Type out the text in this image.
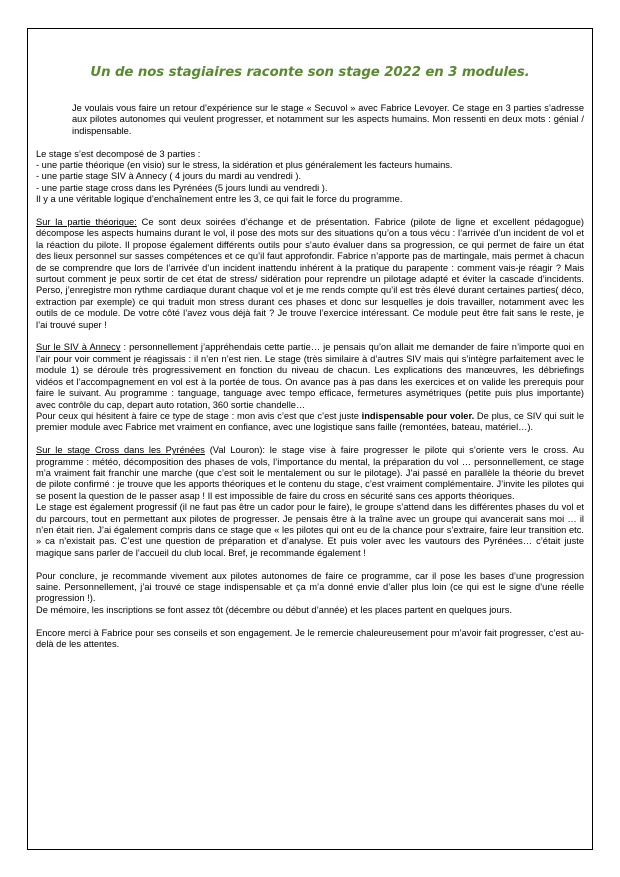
Un de nos stagiaires raconte son stage 2022 en 3 modules.

Je voulais vous faire un retour d’expérience sur le stage « Secuvol » avec Fabrice Levoyer. Ce stage en 3 parties s’adresse aux pilotes autonomes qui veulent progresser, et notamment sur les aspects humains. Mon ressenti en deux mots : génial / indispensable.

Le stage s’est decomposé de 3 parties :

- une partie théorique (en visio) sur le stress, la sidération et plus généralement les facteurs humains.

- une partie stage SIV à Annecy ( 4 jours du mardi au vendredi ).

- une partie stage cross dans les Pyrénées (5 jours lundi au vendredi ).

Il y a une véritable logique d’enchaînement entre les 3, ce qui fait le force du programme.

Sur la partie théorique: Ce sont deux soirées d’échange et de présentation. Fabrice (pilote de ligne et excellent pédagogue) décompose les aspects humains durant le vol, il pose des mots sur des situations qu’on a tous vécu : l’arrivée d’un incident de vol et la réaction du pilote. Il propose également différents outils pour s’auto évaluer dans sa progression, ce qui permet de faire un état des lieux personnel sur sasses compétences et ce qu’il faut approfondir. Fabrice n’apporte pas de martingale, mais permet à chacun de se comprendre que lors de l’arrivée d’un incident inattendu inhérent à la pratique du parapente : comment vais-je réagir ? Mais surtout comment je peux sortir de cet état de stress/ sidération pour reprendre un pilotage adapté et éviter la cascade d’incidents. Perso, j’enregistre mon rythme cardiaque durant chaque vol et je me rends compte qu’il est très élevé durant certaines parties( déco, extraction par exemple) ce qui traduit mon stress durant ces phases et donc sur lesquelles je dois travailler, notamment avec les outils de ce module. De votre côté l’avez vous déjà fait ? Je trouve l’exercice intéressant. Ce module peut être fait sans le reste, je l’ai trouvé super !

Sur le SIV à Annecy : personnellement j’appréhendais cette partie… je pensais qu’on allait me demander de faire n’importe quoi en l’air pour voir comment je réagissais : il n’en n’est rien. Le stage (très similaire à d’autres SIV mais qui s’intègre parfaitement avec le module 1) se déroule très progressivement en fonction du niveau de chacun. Les explications des manœuvres, les débriefings vidéos et l’accompagnement en vol est à la portée de tous. On avance pas à pas dans les exercices et on valide les prerequis pour faire le suivant. Au programme : tanguage, tanguage avec tempo efficace, fermetures asymétriques (petite puis plus importante) avec contrôle du cap, depart auto rotation, 360 sortie chandelle…

Pour ceux qui hésitent à faire ce type de stage : mon avis c’est que c’est juste indispensable pour voler. De plus, ce SIV qui suit le premier module avec Fabrice met vraiment en confiance, avec une logistique sans faille (remontées, bateau, matériel…).

Sur le stage Cross dans les Pyrénées (Val Louron): le stage vise à faire progresser le pilote qui s’oriente vers le cross. Au programme : météo, décomposition des phases de vols, l’importance du mental, la préparation du vol … personnellement, ce stage m’a vraiment fait franchir une marche (que c’est soit le mentalement ou sur le pilotage). J’ai passé en parallèle la théorie du brevet de pilote confirmé : je trouve que les apports théoriques et le contenu du stage, c’est vraiment complémentaire. J’invite les pilotes qui se posent la question de le passer asap ! Il est impossible de faire du cross en sécurité sans ces apports théoriques.

Le stage est également progressif (il ne faut pas être un cador pour le faire), le groupe s’attend dans les différentes phases du vol et du parcours, tout en permettant aux pilotes de progresser. Je pensais être à la traîne avec un groupe qui avancerait sans moi … il n’en était rien. J’ai également compris dans ce stage que « les pilotes qui ont eu de la chance pour s’extraire, faire leur transition etc. » ca n’existait pas. C’est une question de préparation et d’analyse. Et puis voler avec les vautours des Pyrénées… c’était juste magique sans parler de l’accueil du club local. Bref, je recommande également !

Pour conclure, je recommande vivement aux pilotes autonomes de faire ce programme, car il pose les bases d’une progression saine. Personnellement, j’ai trouvé ce stage indispensable et ça m’a donné envie d’aller plus loin (ce qui est le signe d’une réelle progression !).

De mémoire, les inscriptions se font assez tôt (décembre ou début d’année) et les places partent en quelques jours.

Encore merci à Fabrice pour ses conseils et son engagement. Je le remercie chaleureusement pour m’avoir fait progresser, c’est au-delà de les attentes.
